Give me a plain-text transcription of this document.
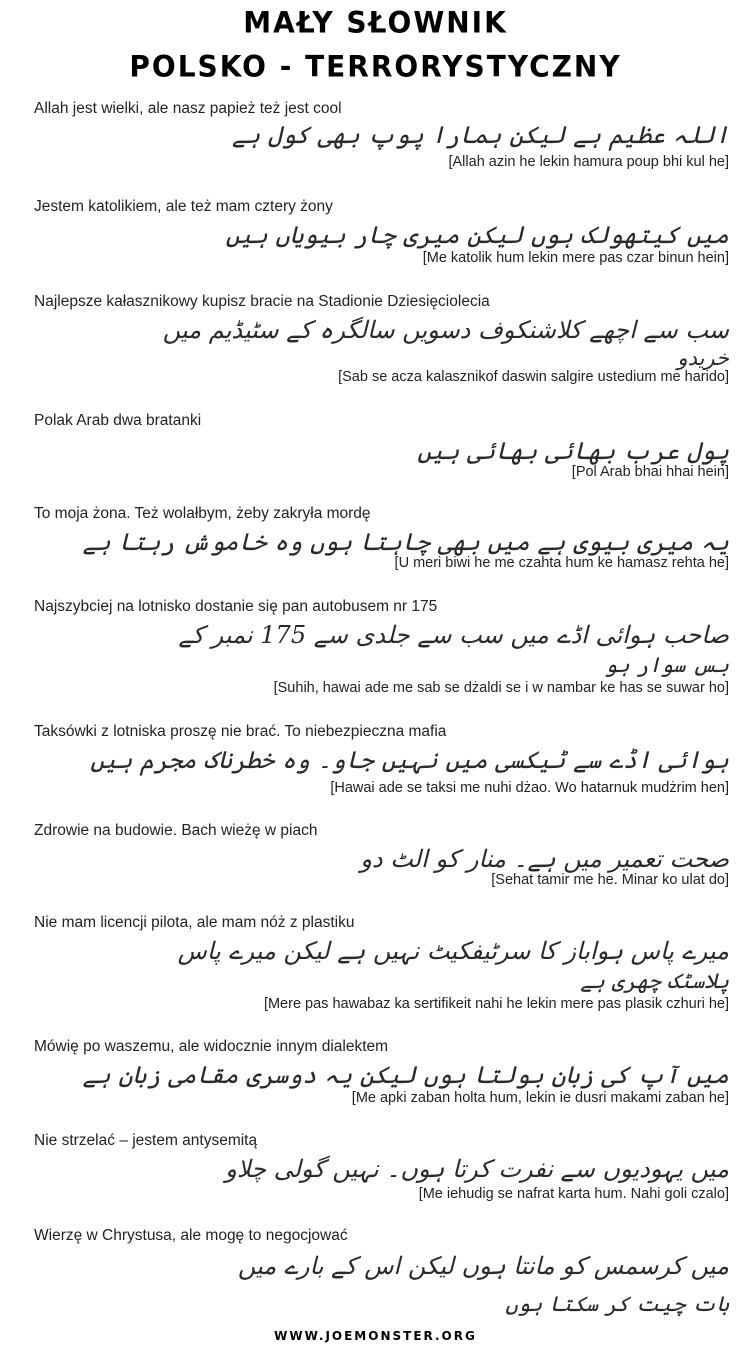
MAŁY SŁOWNIK
POLSKO - TERRORYSTYCZNY
Allah jest wielki, ale nasz papież też jest cool
اللہ عظیم ہے لیکن ہمارا پوپ بھی کول ہے
[Allah azin he lekin hamura poup bhi kul he]
Jestem katolikiem, ale też mam cztery żony
میں کیتھولک ہوں لیکن میری چار بیویاں ہیں
[Me katolik hum lekin mere pas czar binun hein]
Najlepsze kałasznikowy kupisz bracie na Stadionie Dziesięciolecia
سب سے اچھے کلاشنکوف دسویں سالگرہ کے سٹیڈیم میں
خریدو
[Sab se acza kalasznikof daswin salgire ustedium me harido]
Polak Arab dwa bratanki
پول عرب بھائی بھائی ہیں
[Pol Arab bhai hhai hein]
To moja żona. Też wolałbym, żeby zakryła mordę
یہ میری بیوی ہے میں بھی چاہتا ہوں وہ خاموش رہتا ہے
[U meri biwi he me czahta hum ke hamasz rehta he]
Najszybciej na lotnisko dostanie się pan autobusem nr 175
صاحب ہوائی اڈے میں سب سے جلدی سے 175 نمبر کے
بس سوار ہو
[Suhih, hawai ade me sab se dżaldi se i w nambar ke has se suwar ho]
Taksówki z lotniska proszę nie brać. To niebezpieczna mafia
ہوائی اڈے سے ٹیکسی میں نہیں جاو۔ وہ خطرناک مجرم ہیں
[Hawai ade se taksi me nuhi dżao. Wo hatarnuk mudżrim hen]
Zdrowie na budowie. Bach wieżę w piach
صحت تعمیر میں ہے۔ منار کو الٹ دو
[Sehat tamir me he. Minar ko ulat do]
Nie mam licencji pilota, ale mam nóż z plastiku
میرے پاس ہواباز کا سرٹیفکیٹ نہیں ہے لیکن میرے پاس
پلاسٹک چھری ہے
[Mere pas hawabaz ka sertifikeit nahi he lekin mere pas plasik czhuri he]
Mówię po waszemu, ale widocznie innym dialektem
میں آپ کی زبان بولتا ہوں لیکن یہ دوسری مقامی زبان ہے
[Me apki zaban holta hum, lekin ie dusri makami zaban he]
Nie strzelać – jestem antysemitą
میں یہودیوں سے نفرت کرتا ہوں۔ نہیں گولی چلاو
[Me iehudig se nafrat karta hum. Nahi goli czalo]
Wierzę w Chrystusa, ale mogę to negocjować
میں کرسمس کو مانتا ہوں لیکن اس کے بارے میں
بات چیت کر سکتا ہوں
WWW.JOEMONSTER.ORG
